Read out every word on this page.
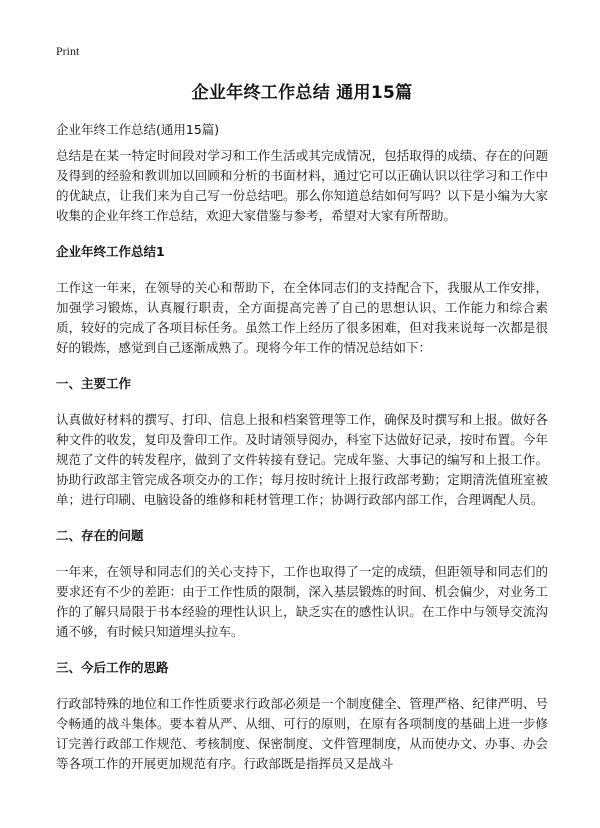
Print
企业年终工作总结 通用15篇
企业年终工作总结(通用15篇)

总结是在某一特定时间段对学习和工作生活或其完成情况，包括取得的成绩、存在的问题及得到的经验和教训加以回顾和分析的书面材料，通过它可以正确认识以往学习和工作中的优缺点，让我们来为自己写一份总结吧。那么你知道总结如何写吗？以下是小编为大家收集的企业年终工作总结，欢迎大家借鉴与参考，希望对大家有所帮助。

企业年终工作总结1

工作这一年来，在领导的关心和帮助下，在全体同志们的支持配合下，我服从工作安排，加强学习锻炼，认真履行职责，全方面提高完善了自己的思想认识、工作能力和综合素质，较好的完成了各项目标任务。虽然工作上经历了很多困难，但对我来说每一次都是很好的锻炼，感觉到自己逐渐成熟了。现将今年工作的情况总结如下：

一、主要工作

认真做好材料的撰写、打印、信息上报和档案管理等工作，确保及时撰写和上报。做好各种文件的收发，复印及誊印工作。及时请领导阅办，科室下达做好记录，按时布置。今年规范了文件的转发程序，做到了文件转接有登记。完成年鉴、大事记的编写和上报工作。协助行政部主管完成各项交办的工作；每月按时统计上报行政部考勤；定期清洗值班室被单；进行印刷、电脑设备的维修和耗材管理工作；协调行政部内部工作，合理调配人员。

二、存在的问题

一年来，在领导和同志们的关心支持下，工作也取得了一定的成绩，但距领导和同志们的要求还有不少的差距：由于工作性质的限制，深入基层锻炼的时间、机会偏少，对业务工作的了解只局限于书本经验的理性认识上，缺乏实在的感性认识。在工作中与领导交流沟通不够，有时候只知道埋头拉车。

三、今后工作的思路

行政部特殊的地位和工作性质要求行政部必须是一个制度健全、管理严格、纪律严明、号令畅通的战斗集体。要本着从严、从细、可行的原则，在原有各项制度的基础上进一步修订完善行政部工作规范、考核制度、保密制度、文件管理制度，从而使办文、办事、办会等各项工作的开展更加规范有序。行政部既是指挥员又是战斗
